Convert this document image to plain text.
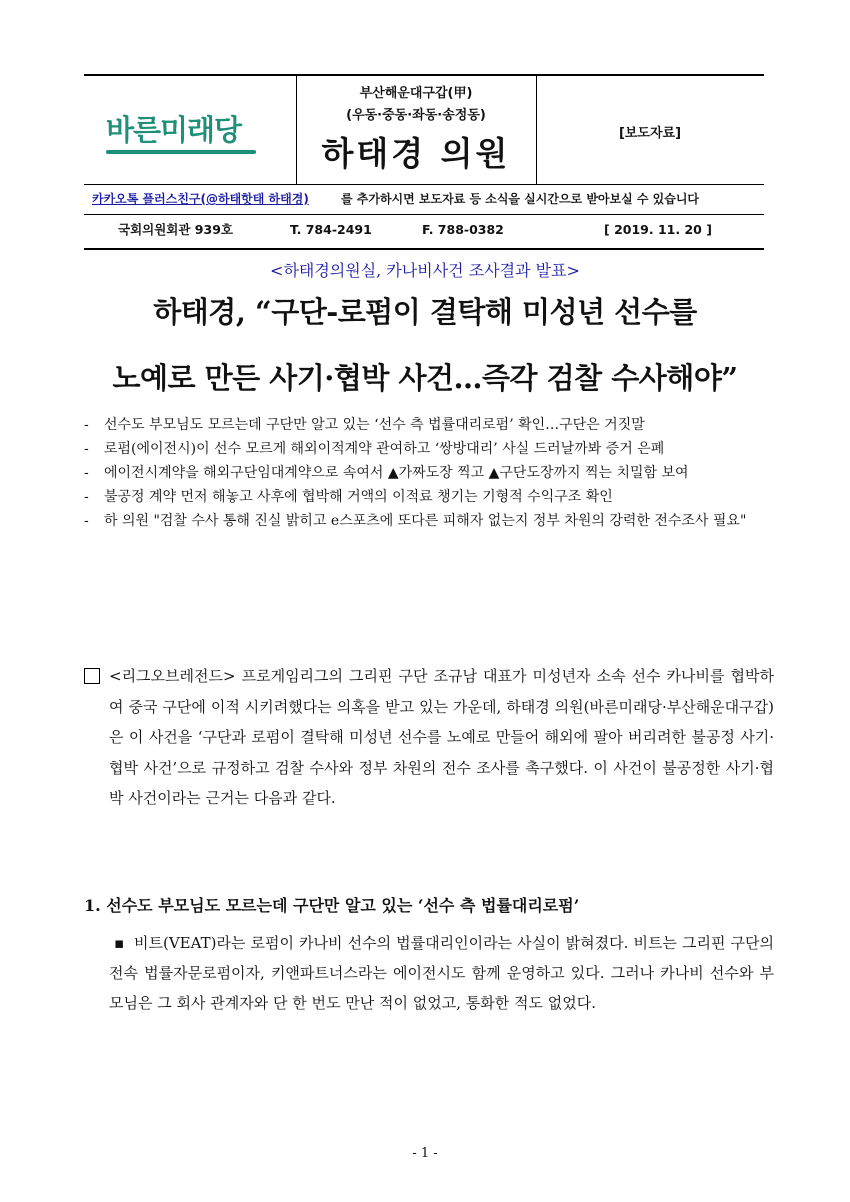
바른미래당
부산해운대구갑(甲)
(우동·중동·좌동·송정동)
하태경 의원
[보도자료]
카카오톡 플러스친구(@하태핫태 하태경)	를 추가하시면 보도자료 등 소식을 실시간으로 받아보실 수 있습니다
국회의원회관 939호	T. 784-2491	F. 788-0382	[ 2019. 11. 20 ]
<하태경의원실, 카나비사건 조사결과 발표>
하태경, “구단-로펌이 결탁해 미성년 선수를
노예로 만든 사기·협박 사건…즉각 검찰 수사해야”
-	선수도 부모님도 모르는데 구단만 알고 있는 ‘선수 측 법률대리로펌’ 확인…구단은 거짓말
-	로펌(에이전시)이 선수 모르게 해외이적계약 관여하고 ‘쌍방대리’ 사실 드러날까봐 증거 은폐
-	에이전시계약을 해외구단임대계약으로 속여서 ▲가짜도장 찍고 ▲구단도장까지 찍는 치밀함 보여
-	불공정 계약 먼저 해놓고 사후에 협박해 거액의 이적료 챙기는 기형적 수익구조 확인
-	하 의원 "검찰 수사 통해 진실 밝히고 e스포츠에 또다른 피해자 없는지 정부 차원의 강력한 전수조사 필요"
<리그오브레전드> 프로게임리그의 그리핀 구단 조규남 대표가 미성년자 소속 선수 카나비를 협박하여 중국 구단에 이적 시키려했다는 의혹을 받고 있는 가운데, 하태경 의원(바른미래당·부산해운대구갑)은 이 사건을 ‘구단과 로펌이 결탁해 미성년 선수를 노예로 만들어 해외에 팔아 버리려한 불공정 사기·협박 사건’으로 규정하고 검찰 수사와 정부 차원의 전수 조사를 촉구했다. 이 사건이 불공정한 사기·협박 사건이라는 근거는 다음과 같다.
1. 선수도 부모님도 모르는데 구단만 알고 있는 ‘선수 측 법률대리로펌’
▪ 비트(VEAT)라는 로펌이 카나비 선수의 법률대리인이라는 사실이 밝혀졌다. 비트는 그리핀 구단의 전속 법률자문로펌이자, 키앤파트너스라는 에이전시도 함께 운영하고 있다. 그러나 카나비 선수와 부모님은 그 회사 관계자와 단 한 번도 만난 적이 없었고, 통화한 적도 없었다.
- 1 -
